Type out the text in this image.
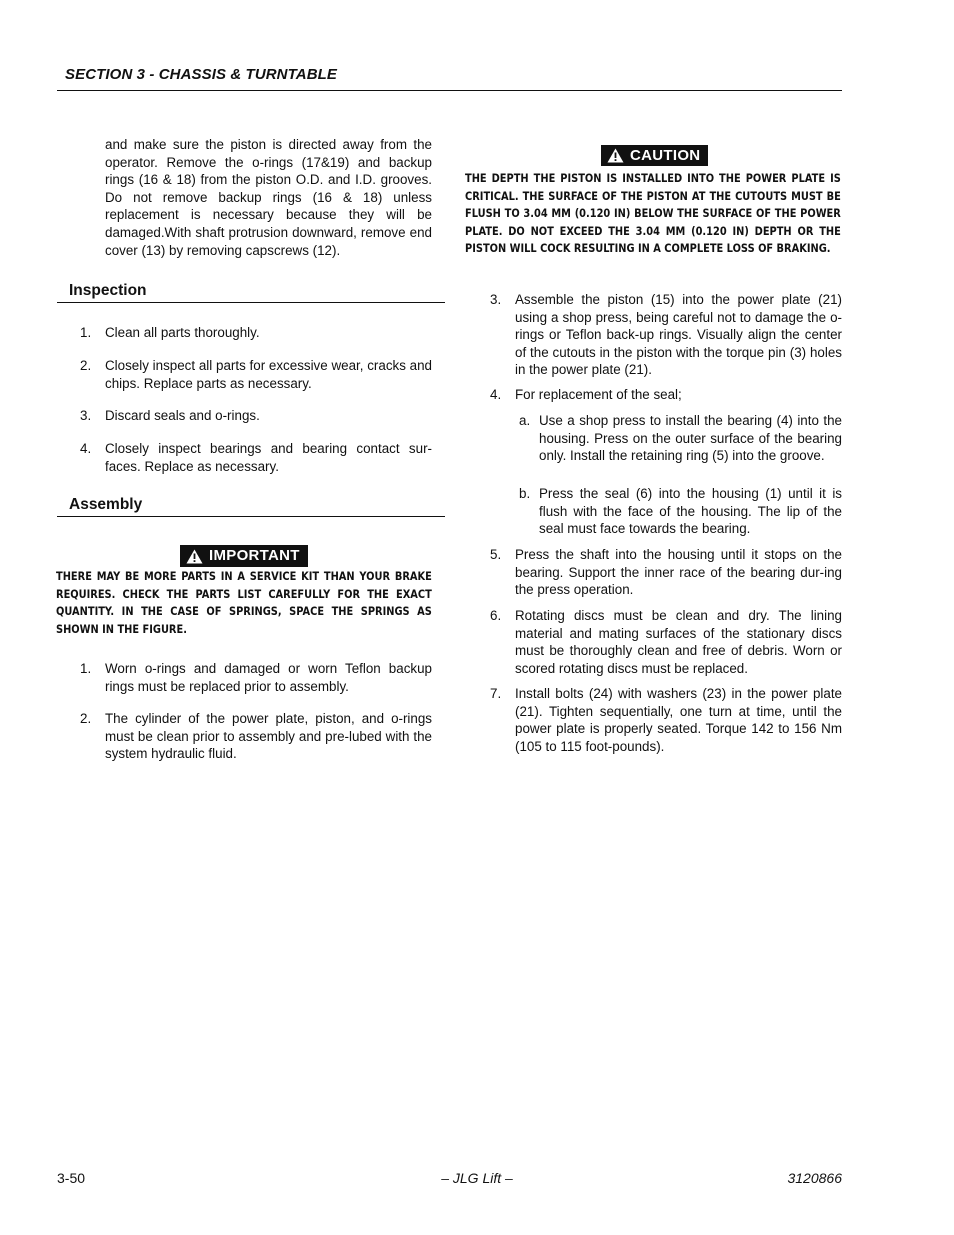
SECTION 3 - CHASSIS & TURNTABLE

and make sure the piston is directed away from the operator. Remove the o-rings (17&19) and backup rings (16 & 18) from the piston O.D. and I.D. grooves. Do not remove backup rings (16 & 18) unless replacement is necessary because they will be damaged.With shaft protrusion downward, remove end cover (13) by removing capscrews (12).

Inspection
1. Clean all parts thoroughly.
2. Closely inspect all parts for excessive wear, cracks and chips. Replace parts as necessary.
3. Discard seals and o-rings.
4. Closely inspect bearings and bearing contact sur-faces. Replace as necessary.
Assembly
IMPORTANT
THERE MAY BE MORE PARTS IN A SERVICE KIT THAN YOUR BRAKE REQUIRES. CHECK THE PARTS LIST CAREFULLY FOR THE EXACT QUANTITY. IN THE CASE OF SPRINGS, SPACE THE SPRINGS AS SHOWN IN THE FIGURE.
1. Worn o-rings and damaged or worn Teflon backup rings must be replaced prior to assembly.
2. The cylinder of the power plate, piston, and o-rings must be clean prior to assembly and pre-lubed with the system hydraulic fluid.
CAUTION
THE DEPTH THE PISTON IS INSTALLED INTO THE POWER PLATE IS CRITICAL. THE SURFACE OF THE PISTON AT THE CUTOUTS MUST BE FLUSH TO 3.04 MM (0.120 IN) BELOW THE SURFACE OF THE POWER PLATE. DO NOT EXCEED THE 3.04 MM (0.120 IN) DEPTH OR THE PISTON WILL COCK RESULTING IN A COMPLETE LOSS OF BRAKING.
3. Assemble the piston (15) into the power plate (21) using a shop press, being careful not to damage the o-rings or Teflon back-up rings. Visually align the center of the cutouts in the piston with the torque pin (3) holes in the power plate (21).
4. For replacement of the seal;
a. Use a shop press to install the bearing (4) into the housing. Press on the outer surface of the bearing only. Install the retaining ring (5) into the groove.
b. Press the seal (6) into the housing (1) until it is flush with the face of the housing. The lip of the seal must face towards the bearing.
5. Press the shaft into the housing until it stops on the bearing. Support the inner race of the bearing dur-ing the press operation.
6. Rotating discs must be clean and dry. The lining material and mating surfaces of the stationary discs must be thoroughly clean and free of debris. Worn or scored rotating discs must be replaced.
7. Install bolts (24) with washers (23) in the power plate (21). Tighten sequentially, one turn at time, until the power plate is properly seated. Torque 142 to 156 Nm (105 to 115 foot-pounds).
3-50	– JLG Lift –	3120866
